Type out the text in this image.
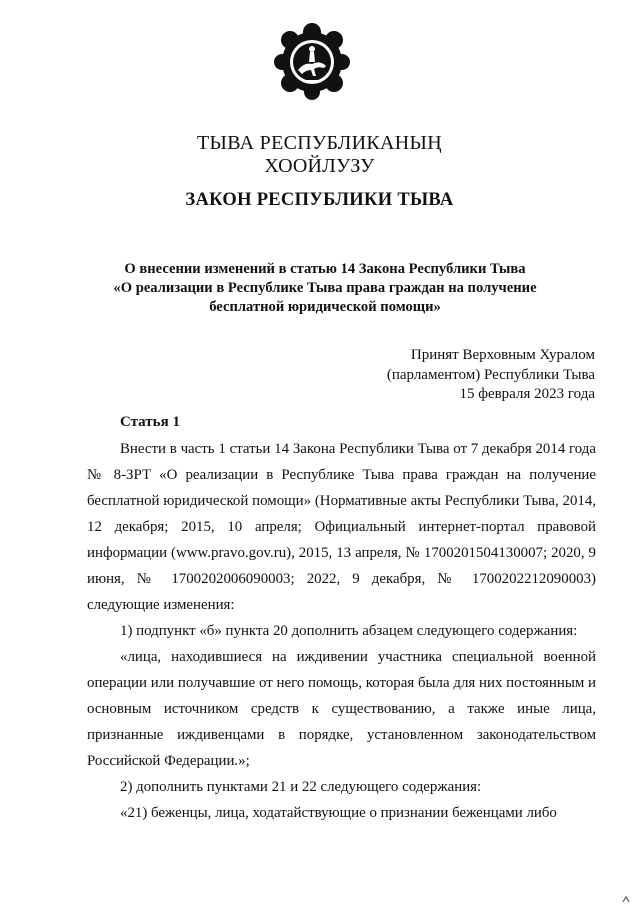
ТЫВА РЕСПУБЛИКАНЫҢ
ХООЙЛУЗУ
ЗАКОН РЕСПУБЛИКИ ТЫВА
О внесении изменений в статью 14 Закона Республики Тыва
«О реализации в Республике Тыва права граждан на получение
бесплатной юридической помощи»
Принят Верховным Хуралом
(парламентом) Республики Тыва
15 февраля 2023 года
Статья 1

Внести в часть 1 статьи 14 Закона Республики Тыва от 7 декабря 2014 года № 8-ЗРТ «О реализации в Республике Тыва права граждан на получение бесплатной юридической помощи» (Нормативные акты Республики Тыва, 2014, 12 декабря; 2015, 10 апреля; Официальный интернет-портал правовой информации (www.pravo.gov.ru), 2015, 13 апреля, № 1700201504130007; 2020, 9 июня, № 1700202006090003; 2022, 9 декабря, № 1700202212090003) следующие изменения:

1) подпункт «б» пункта 20 дополнить абзацем следующего содержания:

«лица, находившиеся на иждивении участника специальной военной операции или получавшие от него помощь, которая была для них постоянным и основным источником средств к существованию, а также иные лица, признанные иждивенцами в порядке, установленном законодательством Российской Федерации.»;

2) дополнить пунктами 21 и 22 следующего содержания:

«21) беженцы, лица, ходатайствующие о признании беженцами либо
